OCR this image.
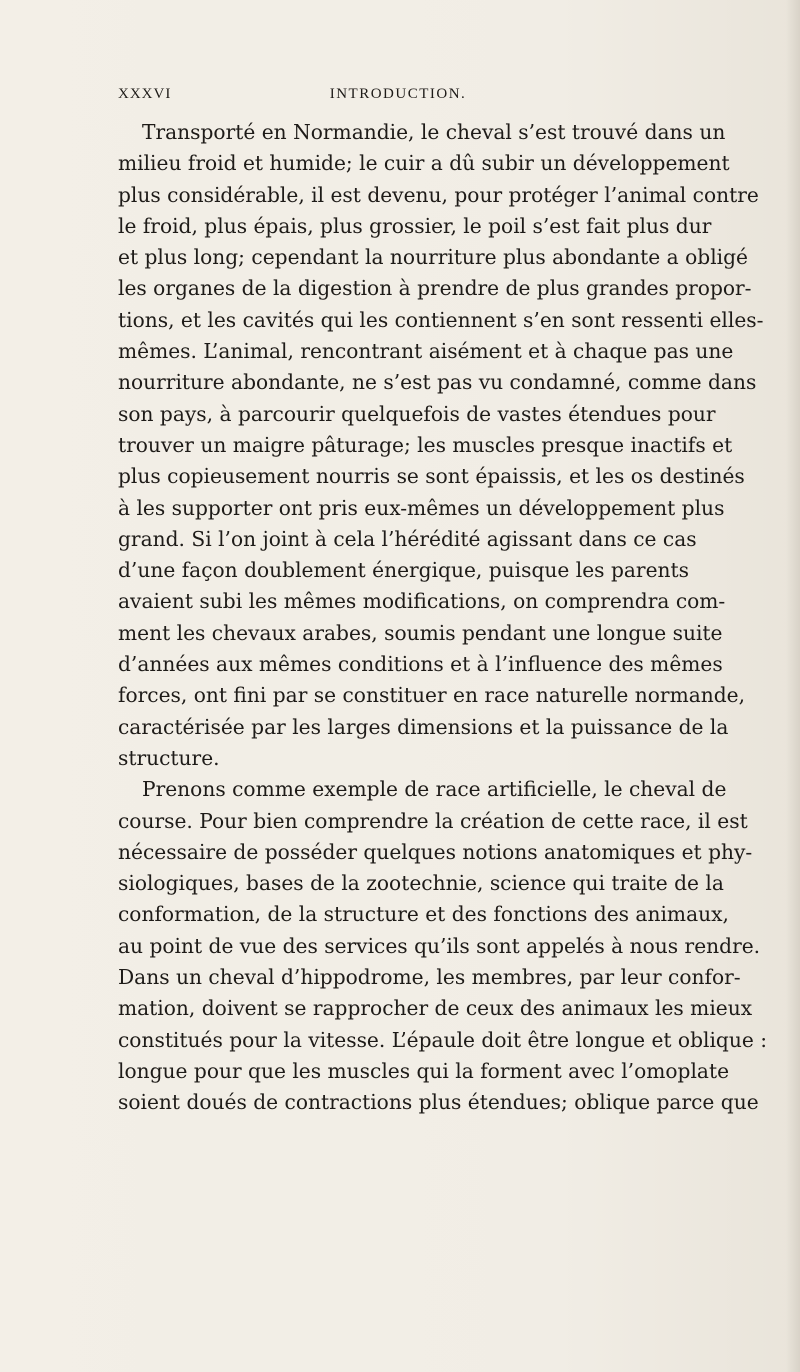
XXXVI	INTRODUCTION.
Transporté en Normandie, le cheval s’est trouvé dans un
milieu froid et humide; le cuir a dû subir un développement
plus considérable, il est devenu, pour protéger l’animal contre
le froid, plus épais, plus grossier, le poil s’est fait plus dur
et plus long; cependant la nourriture plus abondante a obligé
les organes de la digestion à prendre de plus grandes propor-
tions, et les cavités qui les contiennent s’en sont ressenti elles-
mêmes. L’animal, rencontrant aisément et à chaque pas une
nourriture abondante, ne s’est pas vu condamné, comme dans
son pays, à parcourir quelquefois de vastes étendues pour
trouver un maigre pâturage; les muscles presque inactifs et
plus copieusement nourris se sont épaissis, et les os destinés
à les supporter ont pris eux-mêmes un développement plus
grand. Si l’on joint à cela l’hérédité agissant dans ce cas
d’une façon doublement énergique, puisque les parents
avaient subi les mêmes modifications, on comprendra com-
ment les chevaux arabes, soumis pendant une longue suite
d’années aux mêmes conditions et à l’influence des mêmes
forces, ont fini par se constituer en race naturelle normande,
caractérisée par les larges dimensions et la puissance de la
structure.
Prenons comme exemple de race artificielle, le cheval de
course. Pour bien comprendre la création de cette race, il est
nécessaire de posséder quelques notions anatomiques et phy-
siologiques, bases de la zootechnie, science qui traite de la
conformation, de la structure et des fonctions des animaux,
au point de vue des services qu’ils sont appelés à nous rendre.
Dans un cheval d’hippodrome, les membres, par leur confor-
mation, doivent se rapprocher de ceux des animaux les mieux
constitués pour la vitesse. L’épaule doit être longue et oblique :
longue pour que les muscles qui la forment avec l’omoplate
soient doués de contractions plus étendues; oblique parce que
